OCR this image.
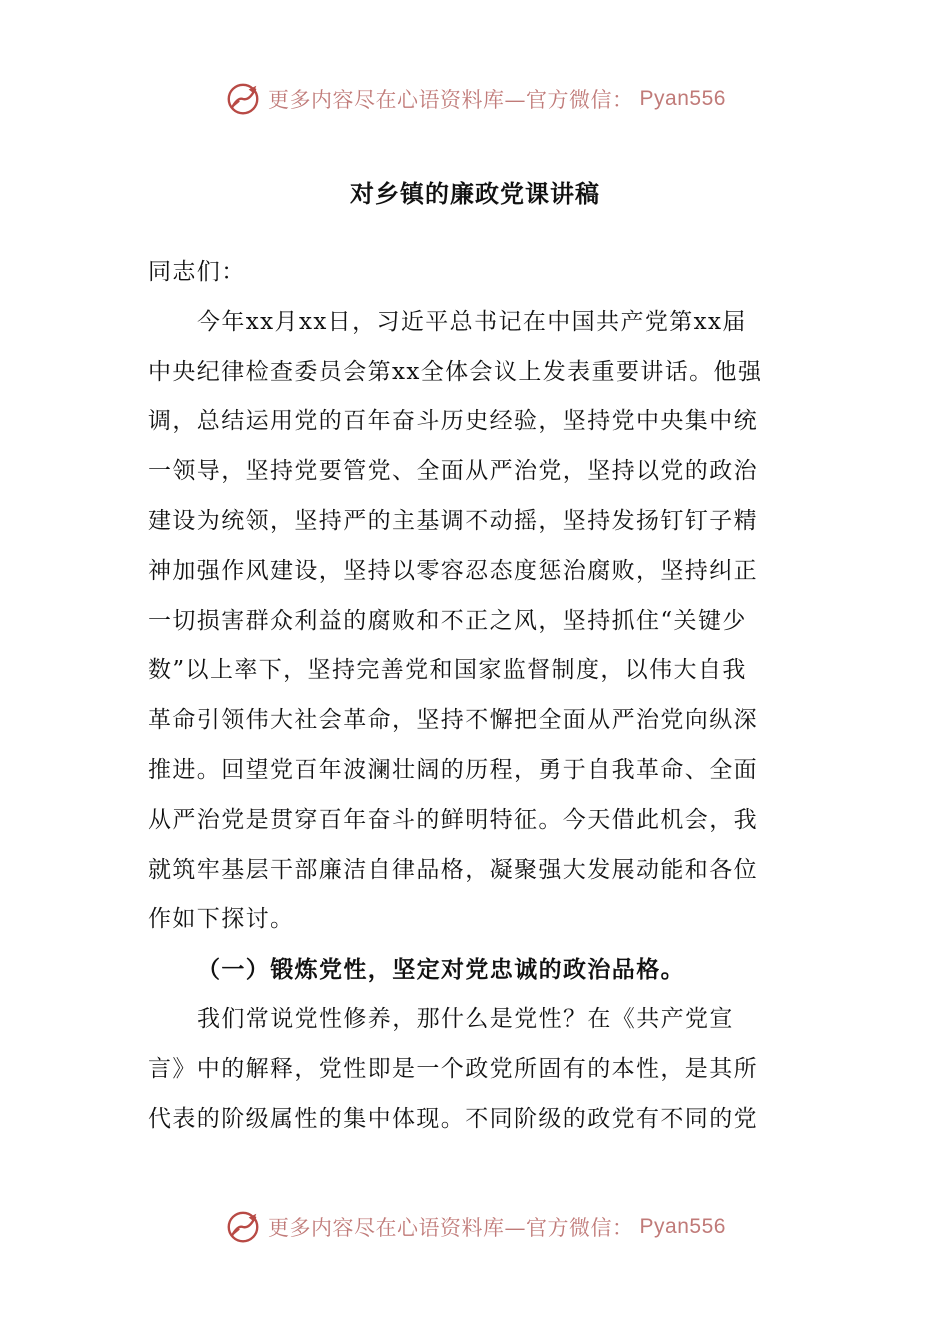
更多内容尽在心语资料库—官方微信： Pyan556
对乡镇的廉政党课讲稿
同志们：
今年xx月xx日，习近平总书记在中国共产党第xx届
中央纪律检查委员会第xx全体会议上发表重要讲话。他强
调，总结运用党的百年奋斗历史经验，坚持党中央集中统
一领导，坚持党要管党、全面从严治党，坚持以党的政治
建设为统领，坚持严的主基调不动摇，坚持发扬钉钉子精
神加强作风建设，坚持以零容忍态度惩治腐败，坚持纠正
一切损害群众利益的腐败和不正之风，坚持抓住“关键少
数”以上率下，坚持完善党和国家监督制度，以伟大自我
革命引领伟大社会革命，坚持不懈把全面从严治党向纵深
推进。回望党百年波澜壮阔的历程，勇于自我革命、全面
从严治党是贯穿百年奋斗的鲜明特征。今天借此机会，我
就筑牢基层干部廉洁自律品格，凝聚强大发展动能和各位
作如下探讨。
（一）锻炼党性，坚定对党忠诚的政治品格。
我们常说党性修养，那什么是党性？在《共产党宣
言》中的解释，党性即是一个政党所固有的本性，是其所
代表的阶级属性的集中体现。不同阶级的政党有不同的党
更多内容尽在心语资料库—官方微信： Pyan556
